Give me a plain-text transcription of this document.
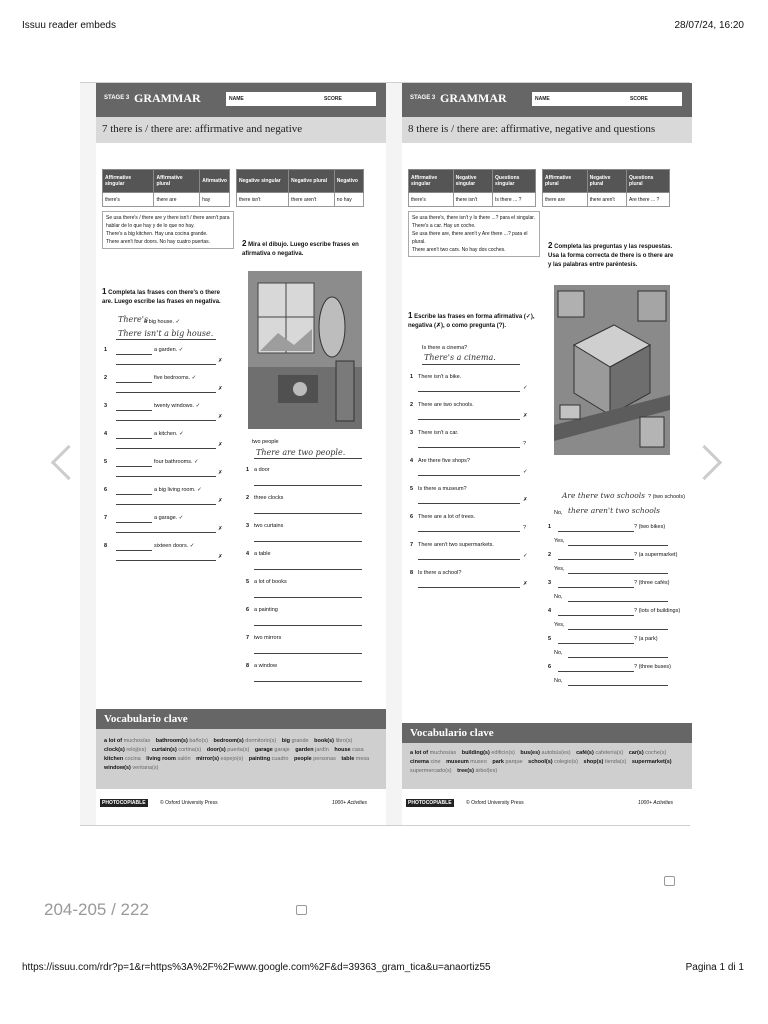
Issuu reader embeds	28/07/24, 16:20
STAGE 3 GRAMMAR	NAME	SCORE
7 there is / there are: affirmative and negative
Affirmative singular	Affirmative plural	Afirmativo
there's	there are	hay
Negative singular	Negative plural	Negativo
there isn't	there aren't	no hay
Se usa there's / there are y there isn't / there aren't para hablar de lo que hay y de lo que no hay.
There's a big kitchen. Hay una cocina grande.
There aren't four doors. No hay cuatro puertas.
1 Completa las frases con there's o there are. Luego escribe las frases en negativa.
There's
a big house. ✓
There isn't a big house.
1	a garden. ✓
✗
2	five bedrooms. ✓
✗
3	twenty windows. ✓
✗
4	a kitchen. ✓
✗
5	four bathrooms. ✓
✗
6	a big living room. ✓
✗
7	a garage. ✓
✗
8	sixteen doors. ✓
✗
2 Mira el dibujo. Luego escribe frases en afirmativa o negativa.
two people
There are two people.
1 a door
2 three clocks
3 two curtains
4 a table
5 a lot of books
6 a painting
7 two mirrors
8 a window
Vocabulario clave
a lot of muchos/as bathroom(s) baño(s) bedroom(s) dormitorio(s) big grande book(s) libro(s) clock(s) reloj(es) curtain(s) cortina(s) door(s) puerta(s) garage garaje garden jardín house casa kitchen cocina living room salón mirror(s) espejo(s) painting cuadro people personas table mesa window(s) ventana(s)
PHOTOCOPIABLE	© Oxford University Press	1000+ Activities
STAGE 3 GRAMMAR	NAME	SCORE
8 there is / there are: affirmative, negative and questions
Affirmative singular	Negative singular	Questions singular
there's	there isn't	Is there ... ?
Affirmative plural	Negative plural	Questions plural
there are	there aren't	Are there ... ?
Se usa there's, there isn't y Is there ...? para el singular.
There's a car. Hay un coche.
Se usa there are, there aren't y Are there ...? para el plural.
There aren't two cars. No hay dos coches.
1 Escribe las frases en forma afirmativa (✓), negativa (✗), o como pregunta (?).
Is there a cinema?
There's a cinema.
1 There isn't a bike.
✓
2 There are two schools.
✗
3 There isn't a car.
?
4 Are there five shops?
✓
5 Is there a museum?
✗
6 There are a lot of trees.
?
7 There aren't two supermarkets.
✓
8 Is there a school?
✗
2 Completa las preguntas y las respuestas. Usa la forma correcta de there is o there are y las palabras entre paréntesis.
Are there two schools ? (two schools)
No, there aren't two schools
1	? (two bikes)
Yes,
2	? (a supermarket)
Yes,
3	? (three cafés)
No,
4	? (lots of buildings)
Yes,
5	? (a park)
No,
6	? (three buses)
No,
Vocabulario clave
a lot of muchos/as building(s) edificio(s) bus(es) autobús(es) café(s) cafetería(s) car(s) coche(s) cinema cine museum museo park parque school(s) colegio(s) shop(s) tienda(s) supermarket(s) supermercado(s) tree(s) árbol(es)
PHOTOCOPIABLE	© Oxford University Press	1000+ Activities
204-205 / 222
https://issuu.com/rdr?p=1&r=https%3A%2F%2Fwww.google.com%2F&d=39363_gram_tica&u=anaortiz55	Pagina 1 di 1
